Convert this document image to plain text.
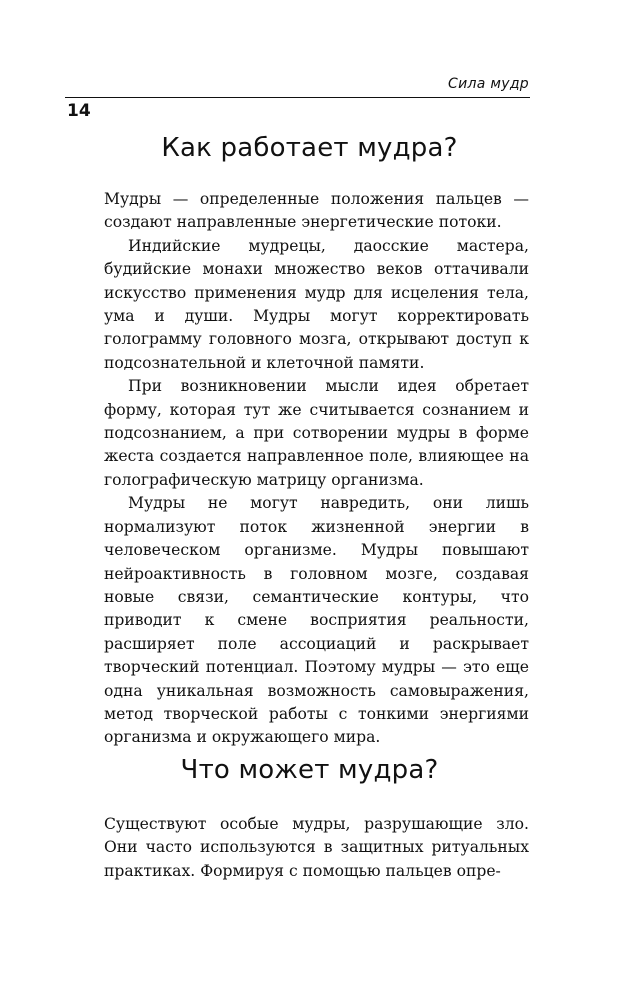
Сила мудр
14
Как работает мудра?

Мудры — определенные положения пальцев — создают направленные энергетические потоки.

Индийские мудрецы, даосские мастера, будийские монахи множество веков оттачивали искусство применения мудр для исцеления тела, ума и души. Мудры могут корректировать голограмму головного мозга, открывают доступ к подсознательной и клеточной памяти.

При возникновении мысли идея обретает форму, которая тут же считывается сознанием и подсознанием, а при сотворении мудры в форме жеста создается направленное поле, влияющее на голографическую матрицу организма.

Мудры не могут навредить, они лишь нормализуют поток жизненной энергии в человеческом организме. Мудры повышают нейроактивность в головном мозге, создавая новые связи, семантические контуры, что приводит к смене восприятия реальности, расширяет поле ассоциаций и раскрывает творческий потенциал. Поэтому мудры — это еще одна уникальная возможность самовыражения, метод творческой работы с тонкими энергиями организма и окружающего мира.

Что может мудра?

Существуют особые мудры, разрушающие зло. Они часто используются в защитных ритуальных практиках. Формируя с помощью пальцев опре-
